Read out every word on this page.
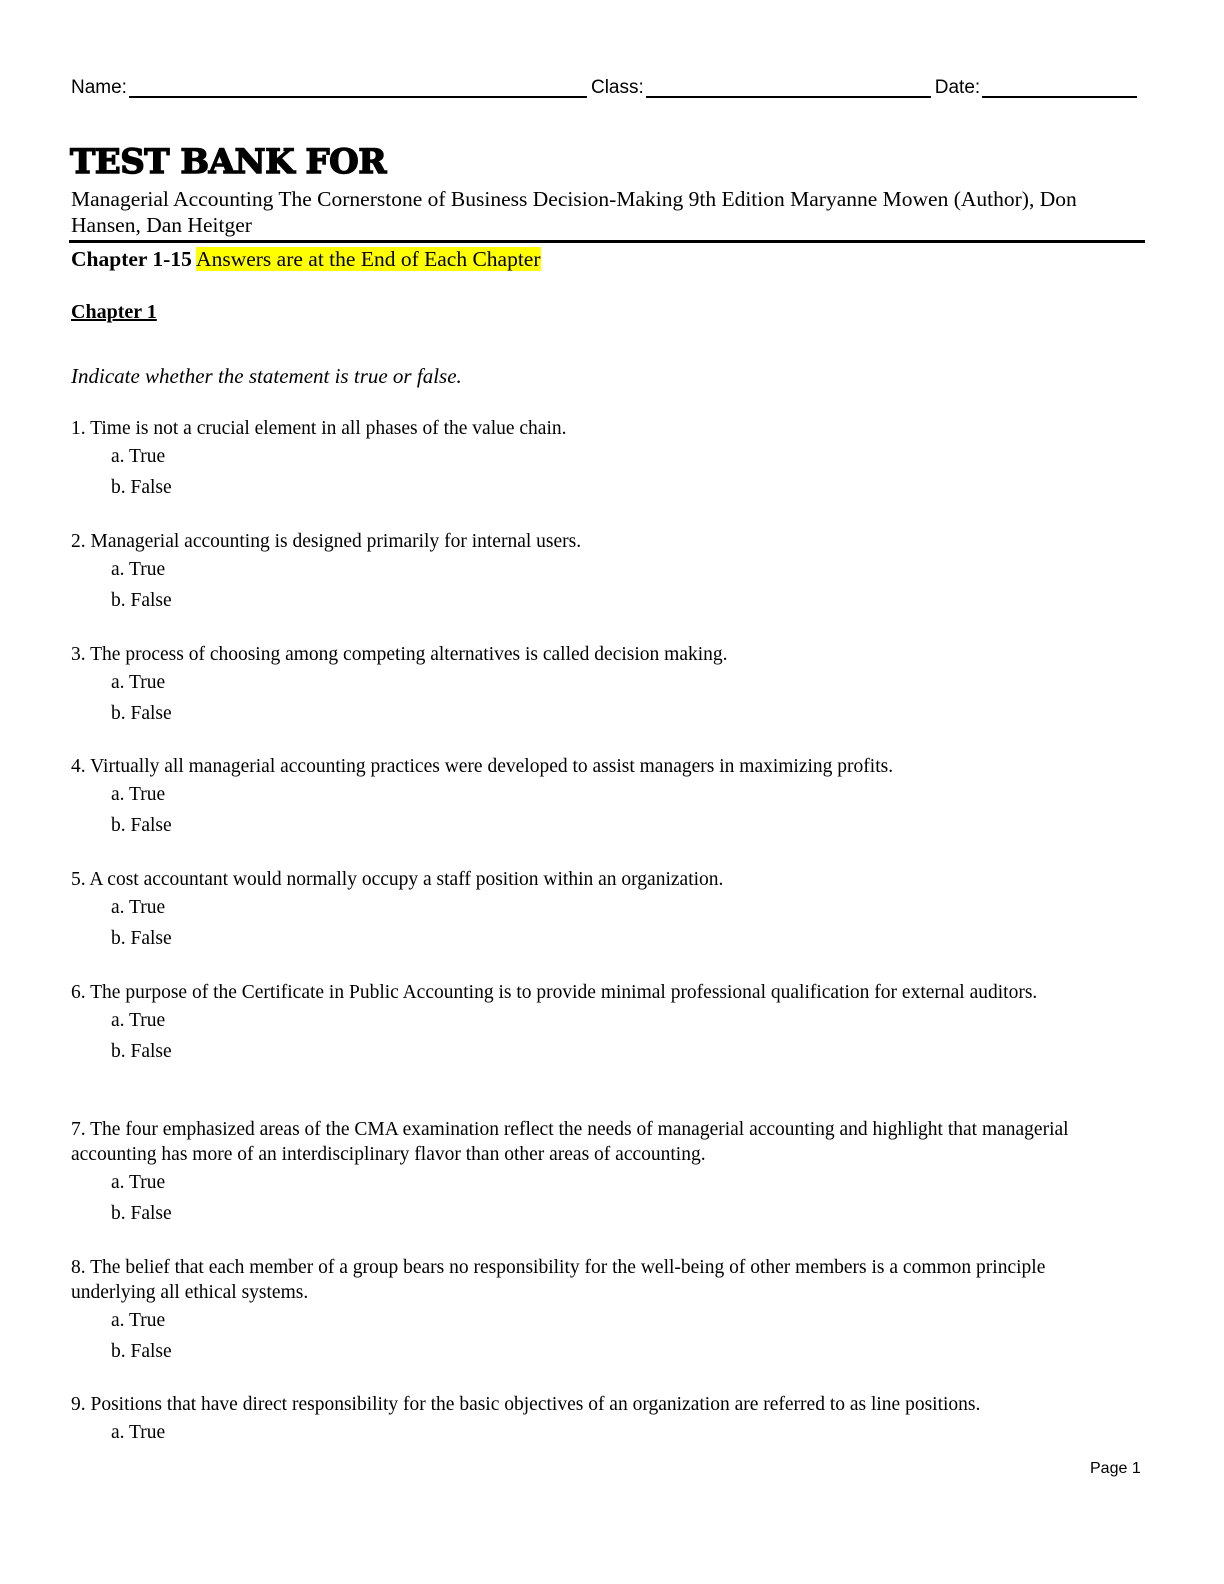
Name:	Class:	Date:
TEST BANK FOR
Managerial Accounting The Cornerstone of Business Decision-Making 9th Edition Maryanne Mowen (Author), Don Hansen, Dan Heitger
Chapter 1-15 Answers are at the End of Each Chapter
Chapter 1
Indicate whether the statement is true or false.
1. Time is not a crucial element in all phases of the value chain.
a. True
b. False
2. Managerial accounting is designed primarily for internal users.
a. True
b. False
3. The process of choosing among competing alternatives is called decision making.
a. True
b. False
4. Virtually all managerial accounting practices were developed to assist managers in maximizing profits.
a. True
b. False
5. A cost accountant would normally occupy a staff position within an organization.
a. True
b. False
6. The purpose of the Certificate in Public Accounting is to provide minimal professional qualification for external auditors.
a. True
b. False
7. The four emphasized areas of the CMA examination reflect the needs of managerial accounting and highlight that managerial accounting has more of an interdisciplinary flavor than other areas of accounting.
a. True
b. False
8. The belief that each member of a group bears no responsibility for the well-being of other members is a common principle underlying all ethical systems.
a. True
b. False
9. Positions that have direct responsibility for the basic objectives of an organization are referred to as line positions.
a. True
Page 1
